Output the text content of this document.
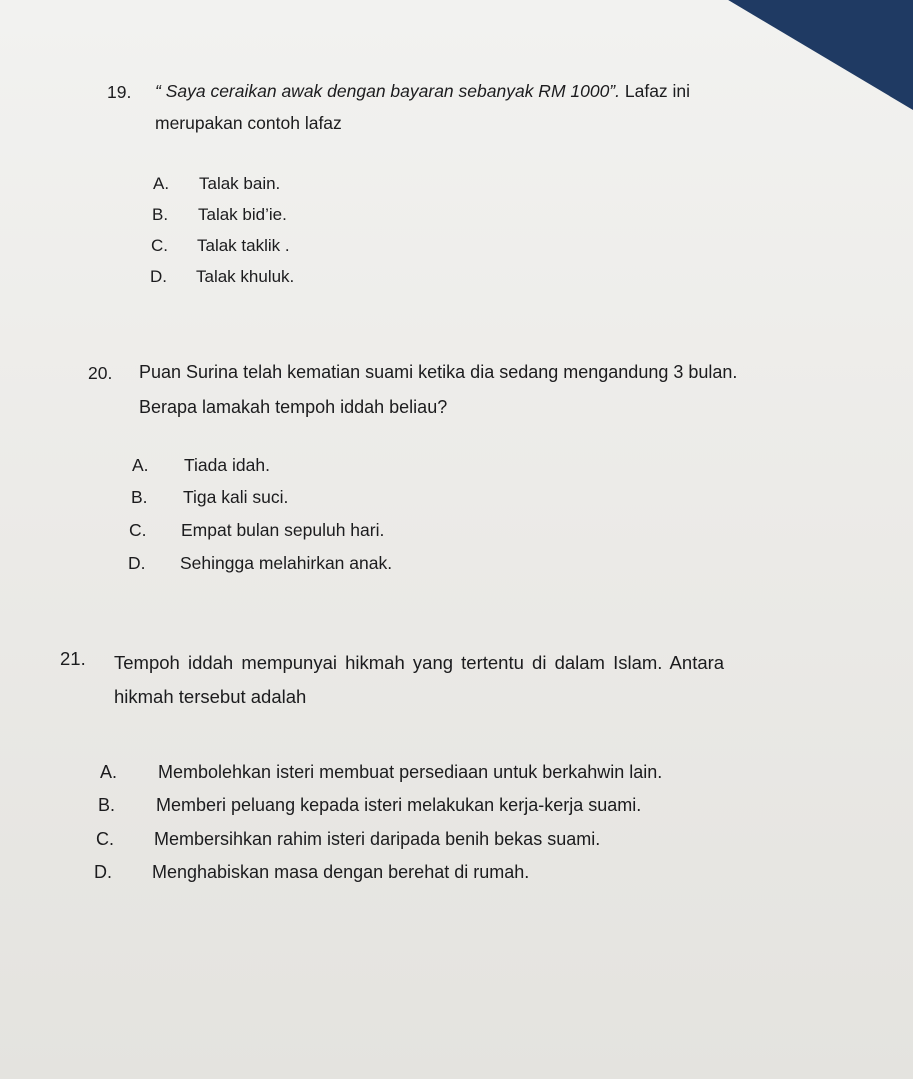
19. “ Saya ceraikan awak dengan bayaran sebanyak RM 1000”. Lafaz ini
merupakan contoh lafaz
A. Talak bain.
B. Talak bid’ie.
C. Talak taklik .
D. Talak khuluk.
20. Puan Surina telah kematian suami ketika dia sedang mengandung 3 bulan.
Berapa lamakah tempoh iddah beliau?
A. Tiada idah.
B. Tiga kali suci.
C. Empat bulan sepuluh hari.
D. Sehingga melahirkan anak.
21. Tempoh iddah mempunyai hikmah yang tertentu di dalam Islam. Antara
hikmah tersebut adalah
A. Membolehkan isteri membuat persediaan untuk berkahwin lain.
B. Memberi peluang kepada isteri melakukan kerja-kerja suami.
C. Membersihkan rahim isteri daripada benih bekas suami.
D. Menghabiskan masa dengan berehat di rumah.
